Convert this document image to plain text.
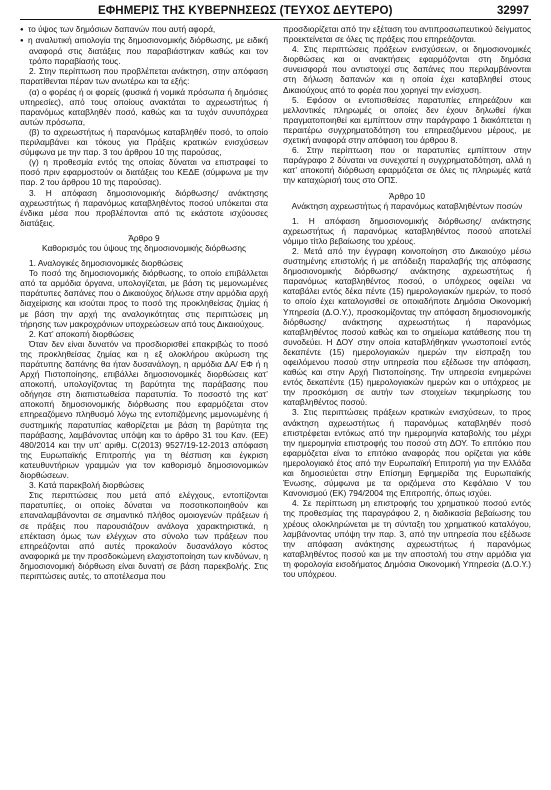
ΕΦΗΜΕΡΙΣ ΤΗΣ ΚΥΒΕΡΝΗΣΕΩΣ (ΤΕΥΧΟΣ ΔΕΥΤΕΡΟ)	32997

● το ύψος των δημόσιων δαπανών που αυτή αφορά,

● η αναλυτική αιτιολογία της δημοσιονομικής διόρθωσης, με ειδική αναφορά στις διατάξεις που παραβιάστηκαν καθώς και τον τρόπο παραβίασής τους.

2. Στην περίπτωση που προβλέπεται ανάκτηση, στην απόφαση παρατίθενται πέραν των ανωτέρω και τα εξής:

(α) ο φορέας ή οι φορείς (φυσικά ή νομικά πρόσωπα ή δημόσιες υπηρεσίες), από τους οποίους ανακτάται το αχρεωστήτως ή παρανόμως καταβληθέν ποσό, καθώς και τα τυχόν συνυπόχρεα αυτών πρόσωπα,

(β) το αχρεωστήτως ή παρανόμως καταβληθέν ποσό, το οποίο περιλαμβάνει και τόκους για Πράξεις κρατικών ενισχύσεων σύμφωνα με την παρ. 3 του άρθρου 10 της παρούσας,

(γ) η προθεσμία εντός της οποίας δύναται να επιστραφεί το ποσό πριν εφαρμοστούν οι διατάξεις του ΚΕΔΕ (σύμφωνα με την παρ. 2 του άρθρου 10 της παρούσας).

3. Η απόφαση δημοσιονομικής διόρθωσης/ ανάκτησης αχρεωστήτως ή παρανόμως καταβληθέντος ποσού υπόκειται στα ένδικα μέσα που προβλέπονται από τις εκάστοτε ισχύουσες διατάξεις.

Άρθρο 9

Καθορισμός του ύψους της δημοσιονομικής διόρθωσης

1. Αναλογικές δημοσιονομικές διορθώσεις

Το ποσό της δημοσιονομικής διόρθωσης, το οποίο επιβάλλεται από τα αρμόδια όργανα, υπολογίζεται, με βάση τις μεμονωμένες παράτυπες δαπάνες που ο Δικαιούχος δήλωσε στην αρμόδια αρχή διαχείρισης και ισούται προς το ποσό της προκληθείσας ζημίας ή με βάση την αρχή της αναλογικότητας στις περιπτώσεις μη τήρησης των μακροχρόνιων υποχρεώσεων από τους Δικαιούχους.

2. Κατ’ αποκοπή διορθώσεις

Όταν δεν είναι δυνατόν να προσδιορισθεί επακριβώς το ποσό της προκληθείσας ζημίας και η εξ ολοκλήρου ακύρωση της παράτυπης δαπάνης θα ήταν δυσανάλογη, η αρμόδια ΔΑ/ ΕΦ ή η Αρχή Πιστοποίησης, επιβάλλει δημοσιονομικές διορθώσεις κατ’ αποκοπή, υπολογίζοντας τη βαρύτητα της παράβασης που οδήγησε στη διαπιστωθείσα παρατυπία. Το ποσοστό της κατ’ αποκοπή δημοσιονομικής διόρθωσης που εφαρμόζεται στον επηρεαζόμενο πληθυσμό λόγω της εντοπιζόμενης μεμονωμένης ή συστημικής παρατυπίας καθορίζεται με βάση τη βαρύτητα της παράβασης, λαμβάνοντας υπόψη και το άρθρο 31 του Καν. (ΕΕ) 480/2014 και την υπ’ αριθμ. C(2013) 9527/19-12-2013 απόφαση της Ευρωπαϊκής Επιτροπής για τη θέσπιση και έγκριση κατευθυντήριων γραμμών για τον καθορισμό δημοσιονομικών διορθώσεων.

3. Κατά παρεκβολή διορθώσεις

Στις περιπτώσεις που μετά από ελέγχους, εντοπίζονται παρατυπίες, οι οποίες δύναται να ποσοτικοποιηθούν και επαναλαμβάνονται σε σημαντικό πλήθος ομοιογενών πράξεων ή σε πράξεις που παρουσιάζουν ανάλογα χαρακτηριστικά, η επέκταση όμως των ελέγχων στο σύνολο των πράξεων που επηρεάζονται από αυτές προκαλούν δυσανάλογο κόστος αναφορικά με την προσδοκώμενη ελαχιστοποίηση των κινδύνων, η δημοσιονομική διόρθωση είναι δυνατή σε βάση παρεκβολής. Στις περιπτώσεις αυτές, το αποτέλεσμα που

προσδιορίζεται από την εξέταση του αντιπροσωπευτικού δείγματος προεκτείνεται σε όλες τις πράξεις που επηρεάζονται.

4. Στις περιπτώσεις πράξεων ενισχύσεων, οι δημοσιονομικές διορθώσεις και οι ανακτήσεις εφαρμόζονται στη δημόσια συνεισφορά που αντιστοιχεί στις δαπάνες που περιλαμβάνονται στη δήλωση δαπανών και η οποία έχει καταβληθεί στους Δικαιούχους από το φορέα που χορηγεί την ενίσχυση.

5. Εφόσον οι εντοπισθείσες παρατυπίες επηρεάζουν και μελλοντικές πληρωμές οι οποίες δεν έχουν δηλωθεί ή/και πραγματοποιηθεί και εμπίπτουν στην παράγραφο 1 διακόπτεται η περαιτέρω συγχρηματοδότηση του επηρεαζόμενου μέρους, με σχετική αναφορά στην απόφαση του άρθρου 8.

6. Στην περίπτωση που οι παρατυπίες εμπίπτουν στην παράγραφο 2 δύναται να συνεχιστεί η συγχρηματοδότηση, αλλά η κατ’ αποκοπή διόρθωση εφαρμόζεται σε όλες τις πληρωμές κατά την καταχώρισή τους στο ΟΠΣ.

Άρθρο 10

Ανάκτηση αχρεωστήτως ή παρανόμως καταβληθέντων ποσών

1. Η απόφαση δημοσιονομικής διόρθωσης/ ανάκτησης αχρεωστήτως ή παρανόμως καταβληθέντος ποσού αποτελεί νόμιμο τίτλο βεβαίωσης του χρέους.

2. Μετά από την έγγραφη κοινοποίηση στο Δικαιούχο μέσω συστημένης επιστολής ή με απόδειξη παραλαβής της απόφασης δημοσιονομικής διόρθωσης/ ανάκτησης αχρεωστήτως ή παρανόμως καταβληθέντος ποσού, ο υπόχρεος οφείλει να καταβάλει εντός δέκα πέντε (15) ημερολογιακών ημερών, το ποσό το οποίο έχει καταλογισθεί σε οποιαδήποτε Δημόσια Οικονομική Υπηρεσία (Δ.Ο.Υ.), προσκομίζοντας την απόφαση δημοσιονομικής διόρθωσης/ ανάκτησης αχρεωστήτως ή παρανόμως καταβληθέντος ποσού καθώς και το σημείωμα κατάθεσης που τη συνοδεύει. Η ΔΟΥ στην οποία καταβλήθηκαν γνωστοποιεί εντός δεκαπέντε (15) ημερολογιακών ημερών την είσπραξη του οφειλόμενου ποσού στην υπηρεσία που εξέδωσε την απόφαση, καθώς και στην Αρχή Πιστοποίησης. Την υπηρεσία ενημερώνει εντός δεκαπέντε (15) ημερολογιακών ημερών και ο υπόχρεος με την προσκόμιση σε αυτήν των στοιχείων τεκμηρίωσης του καταβληθέντος ποσού.

3. Στις περιπτώσεις πράξεων κρατικών ενισχύσεων, το προς ανάκτηση αχρεωστήτως ή παρανόμως καταβληθέν ποσό επιστρέφεται εντόκως από την ημερομηνία καταβολής του μέχρι την ημερομηνία επιστροφής του ποσού στη ΔΟΥ. Το επιτόκιο που εφαρμόζεται είναι το επιτόκιο αναφοράς που ορίζεται για κάθε ημερολογιακό έτος από την Ευρωπαϊκή Επιτροπή για την Ελλάδα και δημοσιεύεται στην Επίσημη Εφημερίδα της Ευρωπαϊκής Ένωσης, σύμφωνα με τα οριζόμενα στο Κεφάλαιο V του Κανονισμού (ΕΚ) 794/2004 της Επιτροπής, όπως ισχύει.

4. Σε περίπτωση μη επιστροφής του χρηματικού ποσού εντός της προθεσμίας της παραγράφου 2, η διαδικασία βεβαίωσης του χρέους ολοκληρώνεται με τη σύνταξη του χρηματικού καταλόγου, λαμβάνοντας υπόψη την παρ. 3, από την υπηρεσία που εξέδωσε την απόφαση ανάκτησης αχρεωστήτως ή παρανόμως καταβληθέντος ποσού και με την αποστολή του στην αρμόδια για τη φορολογία εισοδήματος Δημόσια Οικονομική Υπηρεσία (Δ.Ο.Υ.) του υπόχρεου.
